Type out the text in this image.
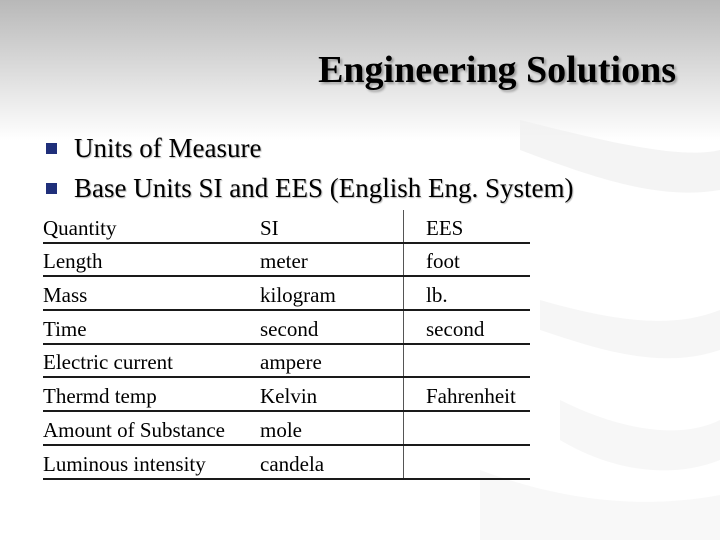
Engineering Solutions
Units of Measure
Base Units SI and EES (English Eng. System)
Quantity	SI	EES
Length	meter	foot
Mass	kilogram	lb.
Time	second	second
Electric current	ampere	
Thermd temp	Kelvin	Fahrenheit
Amount of Substance	mole	
Luminous intensity	candela	
